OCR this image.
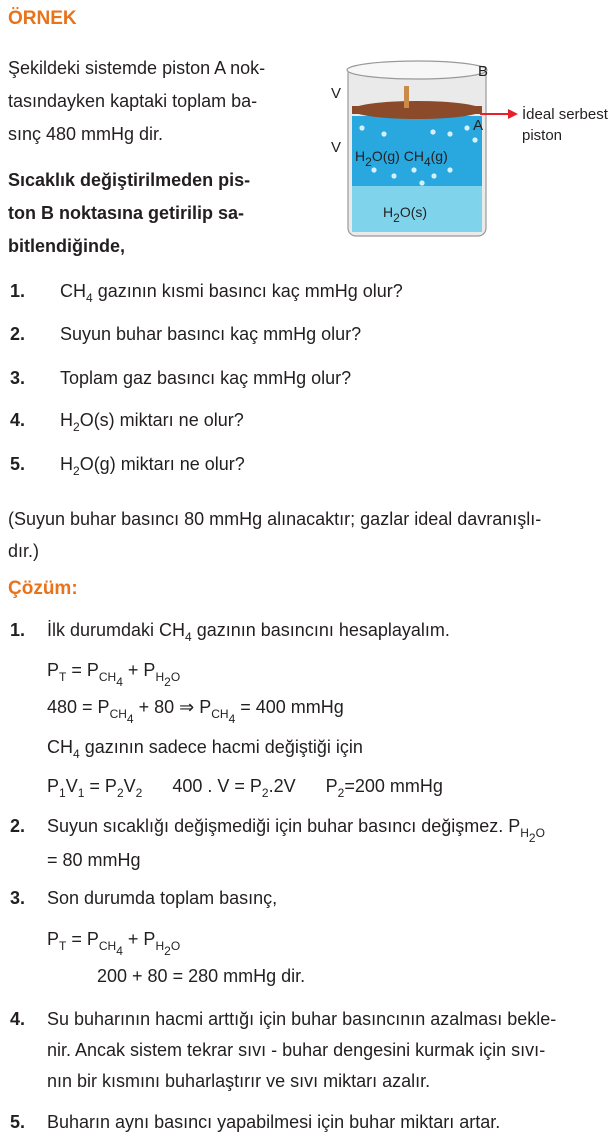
ÖRNEK
Şekildeki sistemde piston A nok-
tasındayken kaptaki toplam ba-
sınç 480 mmHg dir.
Sıcaklık değiştirilmeden pis-
ton B noktasına getirilip sa-
bitlendiğinde,
B
A
V
V
İdeal serbest
piston
$H_2O(g)$ $CH_4(g)$
$H_2O(s)$
1. $CH_4$ gazının kısmi basıncı kaç mmHg olur?
2. Suyun buhar basıncı kaç mmHg olur?
3. Toplam gaz basıncı kaç mmHg olur?
4. $H_2O(s)$ miktarı ne olur?
5. $H_2O(g)$ miktarı ne olur?
(Suyun buhar basıncı 80 mmHg alınacaktır; gazlar ideal davranışlı-
dır.)
Çözüm:
1. İlk durumdaki $CH_4$ gazının basıncını hesaplayalım.
$P_T = P_{CH_4} + P_{H_2O}$
$480 = P_{CH_4} + 80$ ⇒ $P_{CH_4} = 400$ mmHg
$CH_4$ gazının sadece hacmi değiştiği için
$P_1V_1 = P_2V_2$      400 . $V = P_2.2V$      $P_2=200$ mmHg
2. Suyun sıcaklığı değişmediği için buhar basıncı değişmez. $P_{H_2O}$
= 80 mmHg
3. Son durumda toplam basınç,
$P_T = P_{CH_4} + P_{H_2O}$
200 + 80 = 280 mmHg dir.
4. Su buharının hacmi arttığı için buhar basıncının azalması bekle-
nir. Ancak sistem tekrar sıvı - buhar dengesini kurmak için sıvı-
nın bir kısmını buharlaştırır ve sıvı miktarı azalır.
5. Buharın aynı basıncı yapabilmesi için buhar miktarı artar.
